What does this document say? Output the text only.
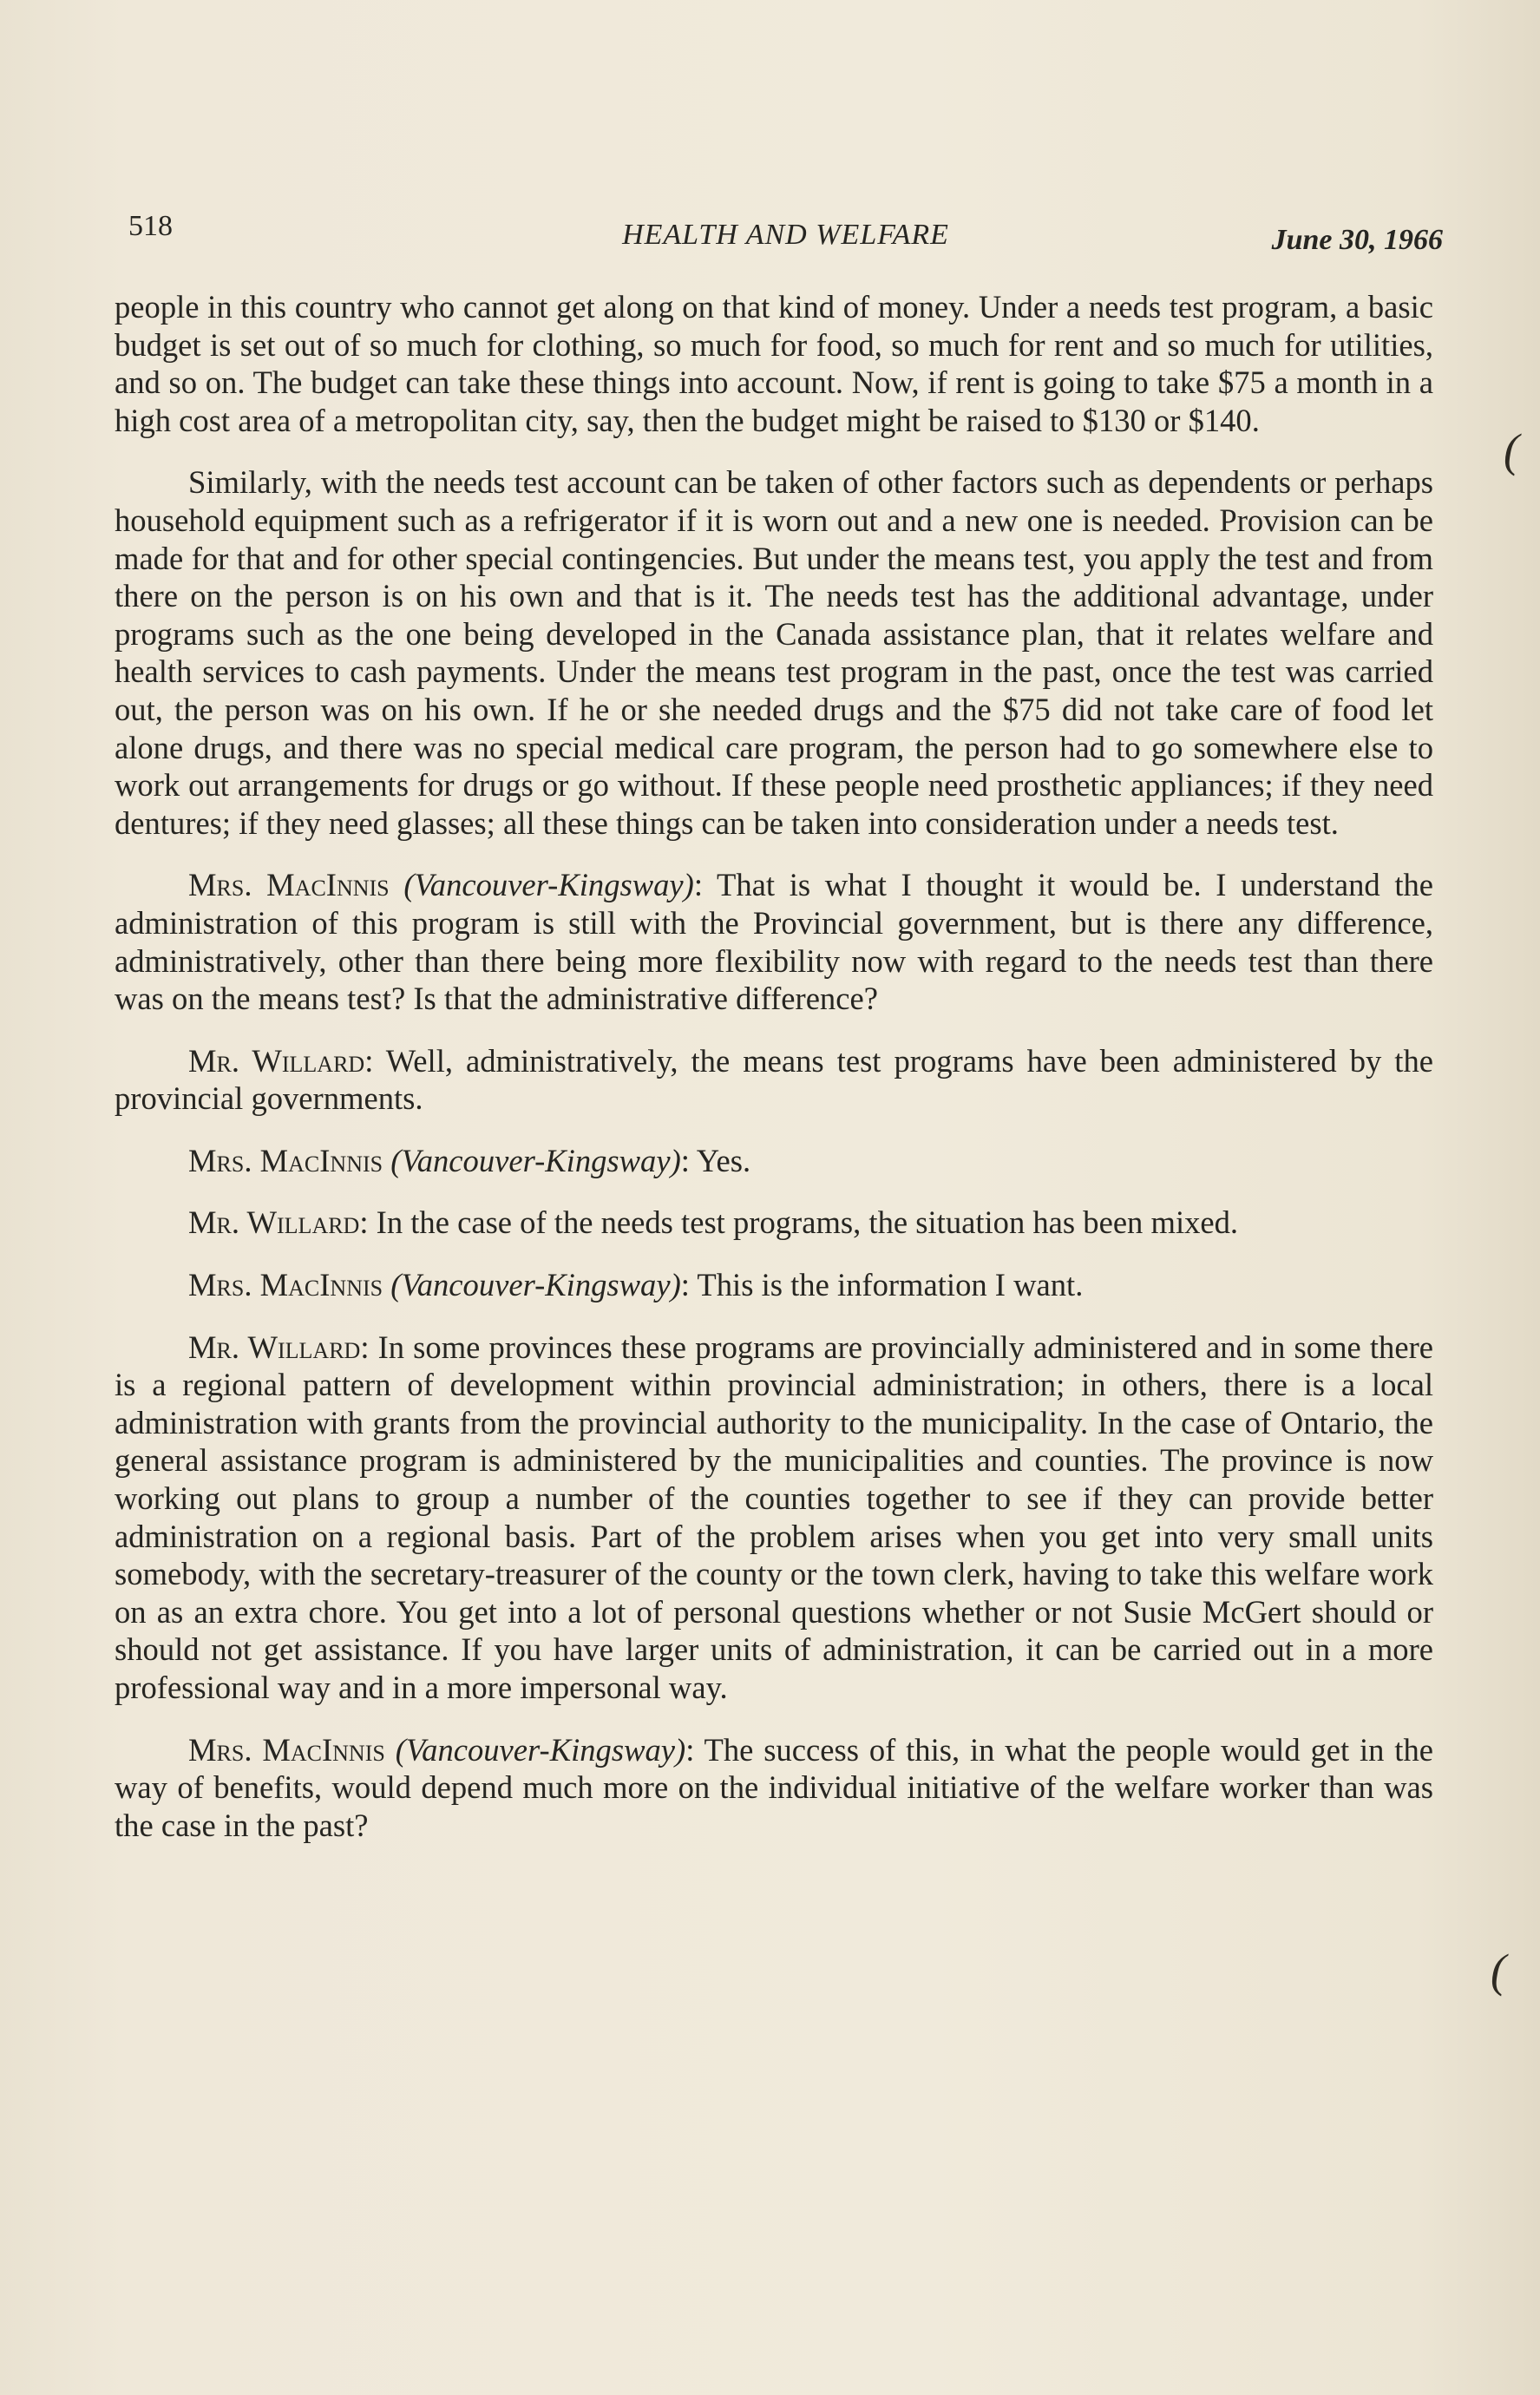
518	HEALTH AND WELFARE	June 30, 1966

people in this country who cannot get along on that kind of money. Under a needs test program, a basic budget is set out of so much for clothing, so much for food, so much for rent and so much for utilities, and so on. The budget can take these things into account. Now, if rent is going to take $75 a month in a high cost area of a metropolitan city, say, then the budget might be raised to $130 or $140.

Similarly, with the needs test account can be taken of other factors such as dependents or perhaps household equipment such as a refrigerator if it is worn out and a new one is needed. Provision can be made for that and for other special contingencies. But under the means test, you apply the test and from there on the person is on his own and that is it. The needs test has the additional advantage, under programs such as the one being developed in the Canada assistance plan, that it relates welfare and health services to cash payments. Under the means test program in the past, once the test was carried out, the person was on his own. If he or she needed drugs and the $75 did not take care of food let alone drugs, and there was no special medical care program, the person had to go somewhere else to work out arrangements for drugs or go without. If these people need prosthetic appliances; if they need dentures; if they need glasses; all these things can be taken into consideration under a needs test.

Mrs. MacInnis (Vancouver-Kingsway): That is what I thought it would be. I understand the administration of this program is still with the Provincial government, but is there any difference, administratively, other than there being more flexibility now with regard to the needs test than there was on the means test? Is that the administrative difference?

Mr. Willard: Well, administratively, the means test programs have been administered by the provincial governments.

Mrs. MacInnis (Vancouver-Kingsway): Yes.

Mr. Willard: In the case of the needs test programs, the situation has been mixed.

Mrs. MacInnis (Vancouver-Kingsway): This is the information I want.

Mr. Willard: In some provinces these programs are provincially administered and in some there is a regional pattern of development within provincial administration; in others, there is a local administration with grants from the provincial authority to the municipality. In the case of Ontario, the general assistance program is administered by the municipalities and counties. The province is now working out plans to group a number of the counties together to see if they can provide better administration on a regional basis. Part of the problem arises when you get into very small units somebody, with the secretary-treasurer of the county or the town clerk, having to take this welfare work on as an extra chore. You get into a lot of personal questions whether or not Susie McGert should or should not get assistance. If you have larger units of administration, it can be carried out in a more professional way and in a more impersonal way.

Mrs. MacInnis (Vancouver-Kingsway): The success of this, in what the people would get in the way of benefits, would depend much more on the individual initiative of the welfare worker than was the case in the past?

(
(
